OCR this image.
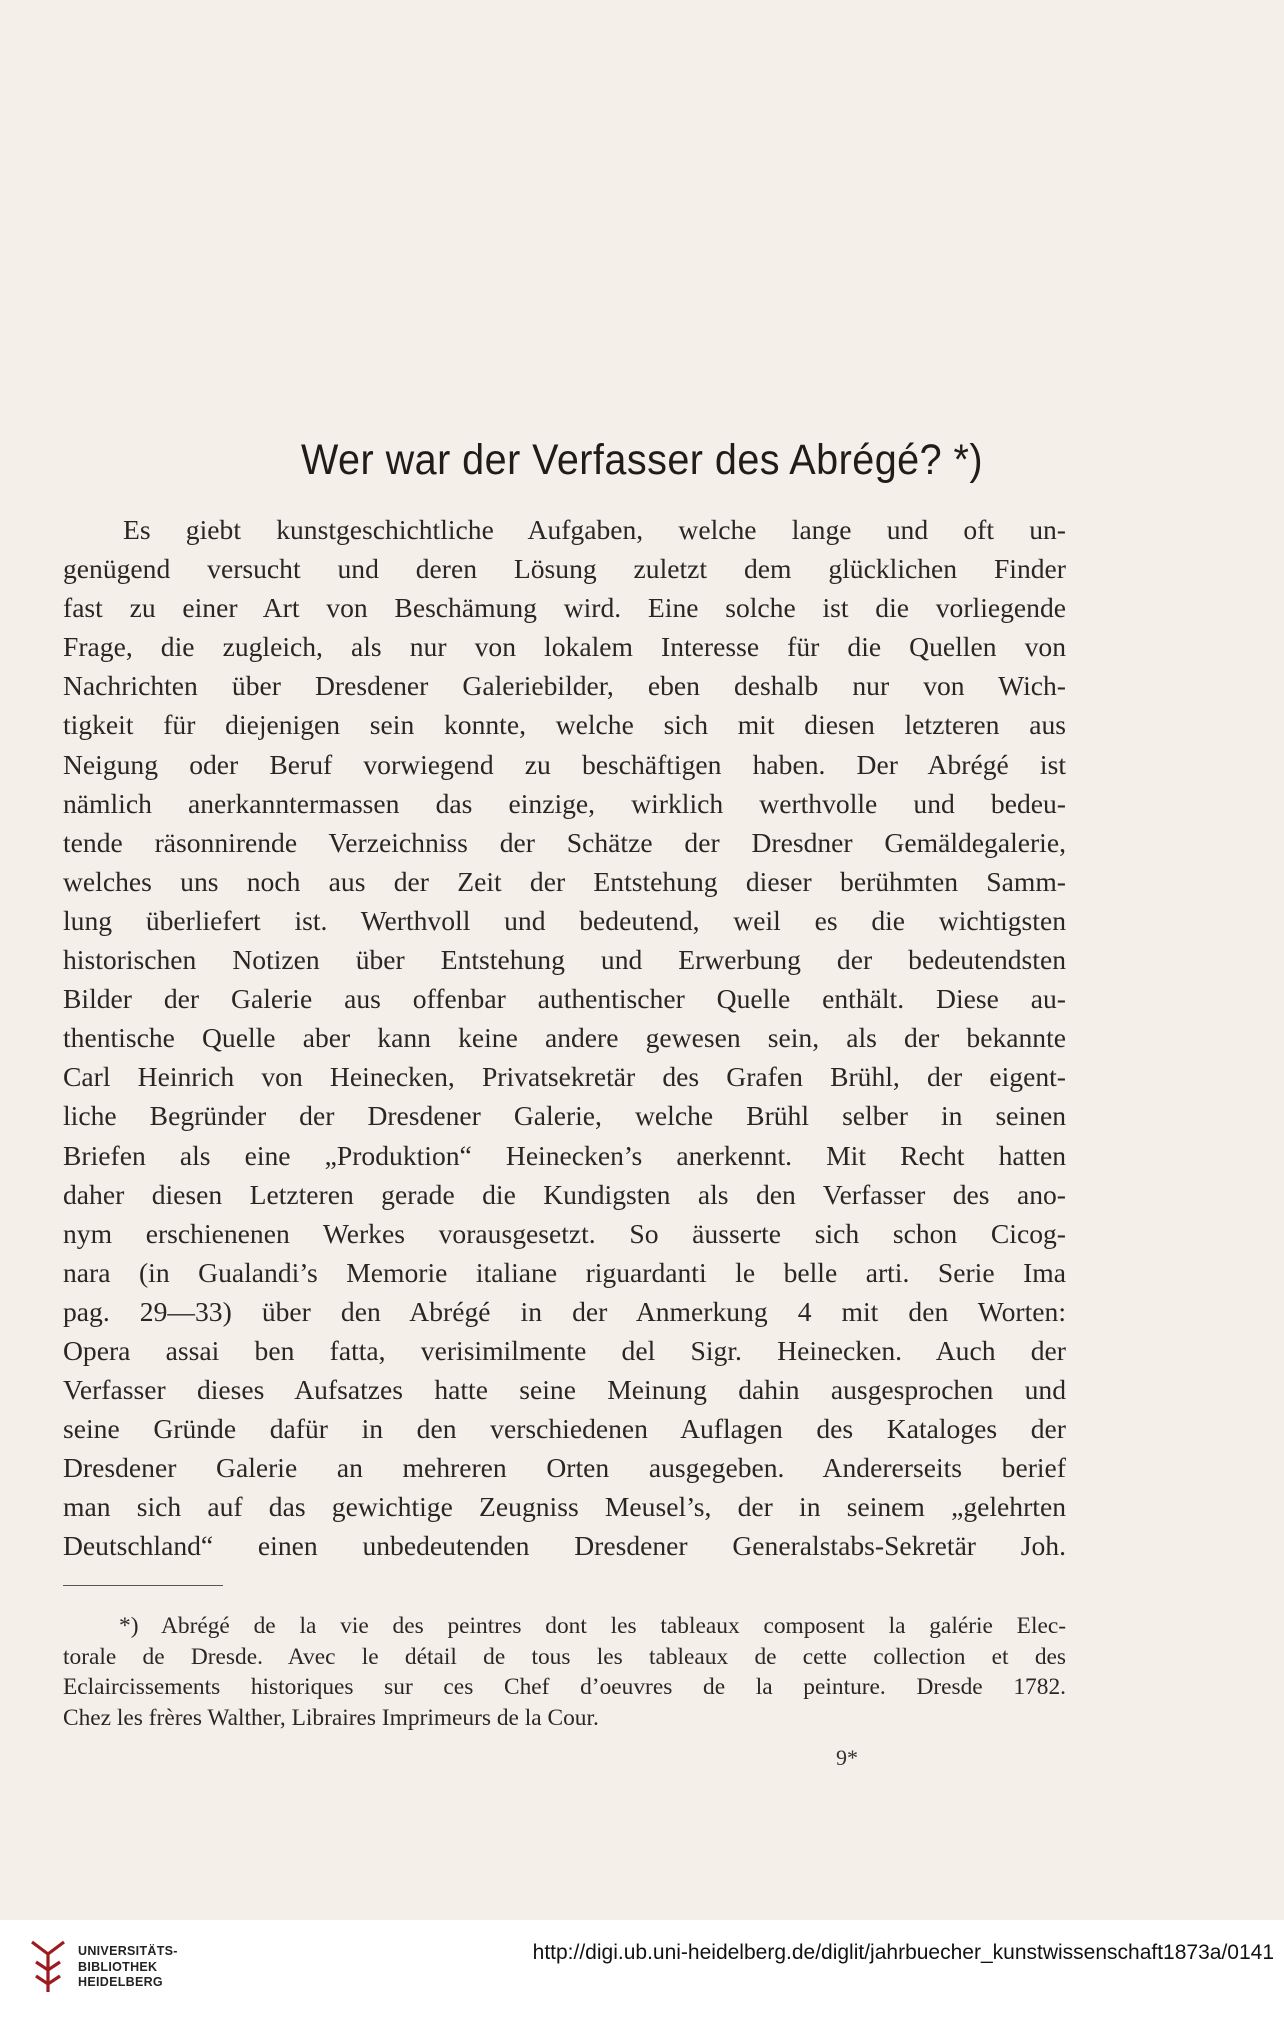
Wer war der Verfasser des Abrégé? *)
Es giebt kunstgeschichtliche Aufgaben, welche lange und oft un-
genügend versucht und deren Lösung zuletzt dem glücklichen Finder
fast zu einer Art von Beschämung wird. Eine solche ist die vorliegende
Frage, die zugleich, als nur von lokalem Interesse für die Quellen von
Nachrichten über Dresdener Galeriebilder, eben deshalb nur von Wich-
tigkeit für diejenigen sein konnte, welche sich mit diesen letzteren aus
Neigung oder Beruf vorwiegend zu beschäftigen haben. Der Abrégé ist
nämlich anerkanntermassen das einzige, wirklich werthvolle und bedeu-
tende räsonnirende Verzeichniss der Schätze der Dresdner Gemäldegalerie,
welches uns noch aus der Zeit der Entstehung dieser berühmten Samm-
lung überliefert ist. Werthvoll und bedeutend, weil es die wichtigsten
historischen Notizen über Entstehung und Erwerbung der bedeutendsten
Bilder der Galerie aus offenbar authentischer Quelle enthält. Diese au-
thentische Quelle aber kann keine andere gewesen sein, als der bekannte
Carl Heinrich von Heinecken, Privatsekretär des Grafen Brühl, der eigent-
liche Begründer der Dresdener Galerie, welche Brühl selber in seinen
Briefen als eine „Produktion“ Heinecken’s anerkennt. Mit Recht hatten
daher diesen Letzteren gerade die Kundigsten als den Verfasser des ano-
nym erschienenen Werkes vorausgesetzt. So äusserte sich schon Cicog-
nara (in Gualandi’s Memorie italiane riguardanti le belle arti. Serie Ima
pag. 29—33) über den Abrégé in der Anmerkung 4 mit den Worten:
Opera assai ben fatta, verisimilmente del Sigr. Heinecken. Auch der
Verfasser dieses Aufsatzes hatte seine Meinung dahin ausgesprochen und
seine Gründe dafür in den verschiedenen Auflagen des Kataloges der
Dresdener Galerie an mehreren Orten ausgegeben. Andererseits berief
man sich auf das gewichtige Zeugniss Meusel’s, der in seinem „gelehrten
Deutschland“ einen unbedeutenden Dresdener Generalstabs-Sekretär Joh.
*) Abrégé de la vie des peintres dont les tableaux composent la galérie Elec-
torale de Dresde. Avec le détail de tous les tableaux de cette collection et des
Eclaircissements historiques sur ces Chef d’oeuvres de la peinture. Dresde 1782.
Chez les frères Walther, Libraires Imprimeurs de la Cour.
9*
UNIVERSITÄTS-
BIBLIOTHEK
HEIDELBERG
http://digi.ub.uni-heidelberg.de/diglit/jahrbuecher_kunstwissenschaft1873a/0141
